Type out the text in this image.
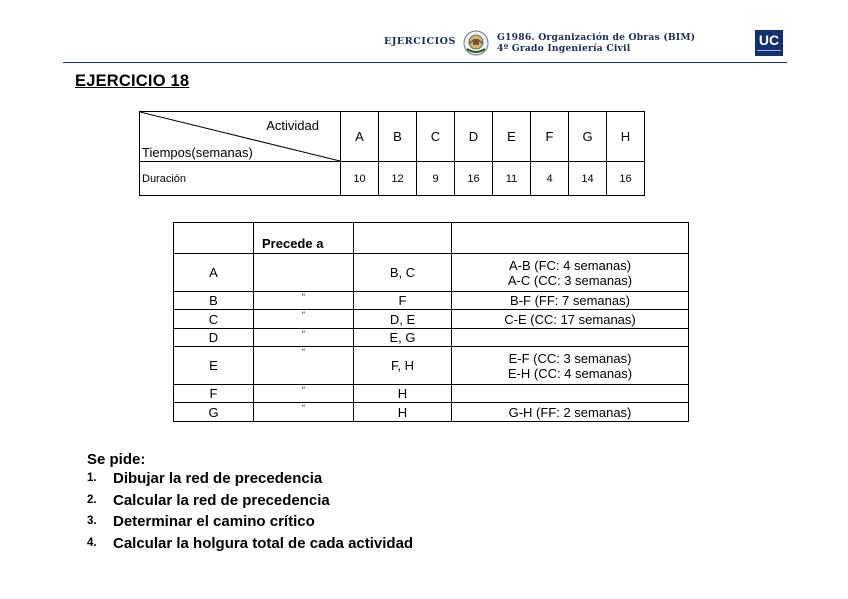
EJERCICIOS	G1986. Organización de Obras (BIM)
4º Grado Ingeniería Civil
UC
EJERCICIO 18
Actividad
Tiempos(semanas)	A	B	C	D	E	F	G	H
Duración	10	12	9	16	11	4	14	16
	Precede a		
A		B, C	A-B (FC: 4 semanas)
A-C (CC: 3 semanas)

B	“	F	B-F (FF: 7 semanas)
C	“	D, E	C-E (CC: 17 semanas)
D	“	E, G	
E	“	F, H	E-F (CC: 3 semanas)
E-H (CC: 4 semanas)

F	“	H	
G	“	H	G-H (FF: 2 semanas)
Se pide:
1. Dibujar la red de precedencia
2. Calcular la red de precedencia
3. Determinar el camino crítico
4. Calcular la holgura total de cada actividad
